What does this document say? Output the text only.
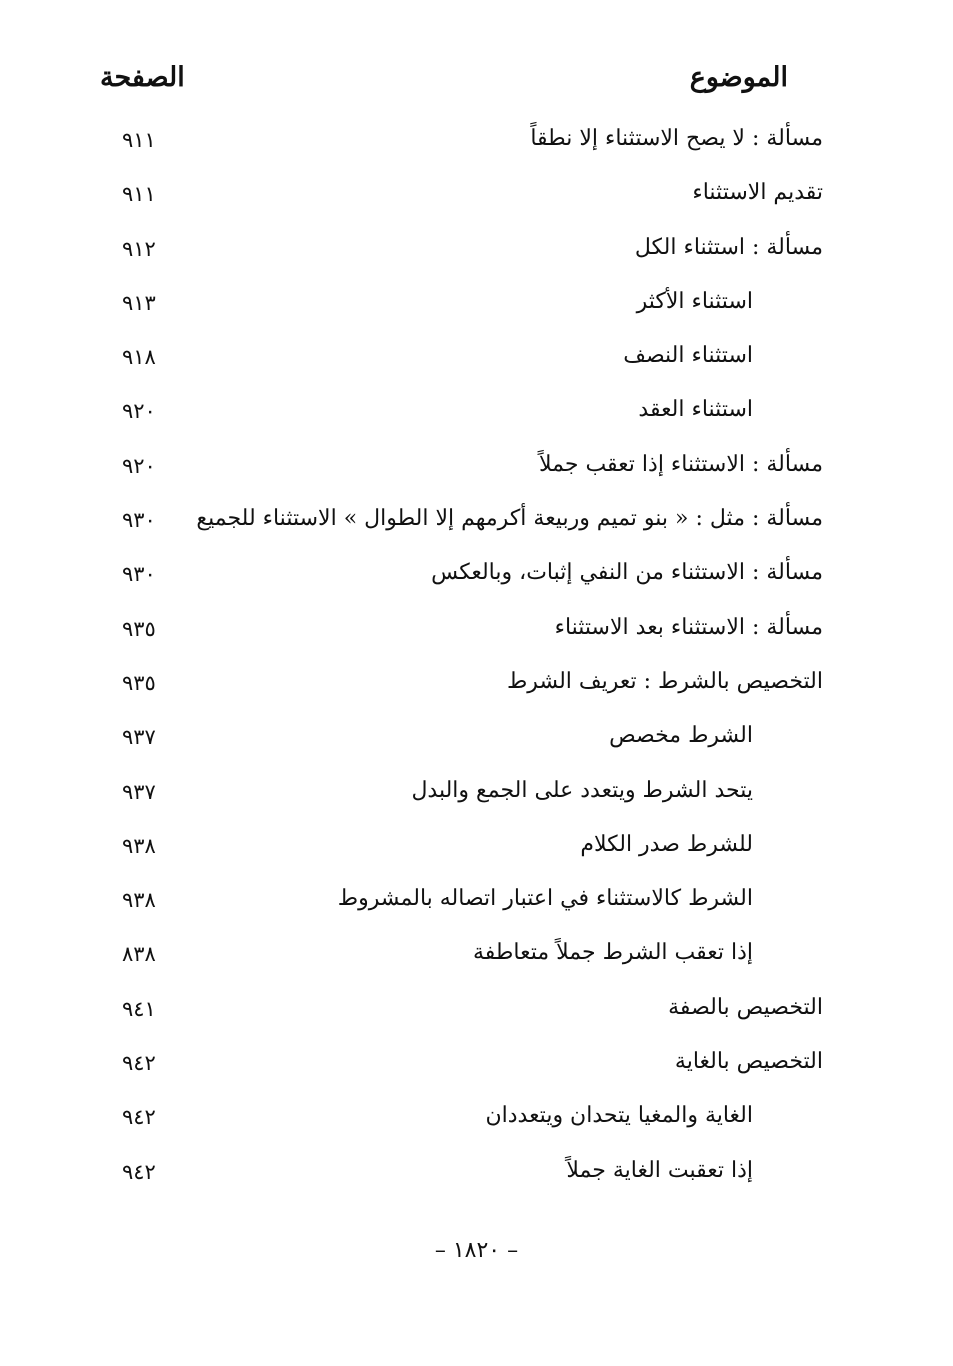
الموضوع
الصفحة
مسألة : لا يصح الاستثناء إلا نطقاً
٩١١
تقديم الاستثناء
٩١١
مسألة : استثناء الكل
٩١٢
استثناء الأكثر
٩١٣
استثناء النصف
٩١٨
استثناء العقد
٩٢٠
مسألة : الاستثناء إذا تعقب جملاً
٩٢٠
مسألة : مثل : « بنو تميم وربيعة أكرمهم إلا الطوال » الاستثناء للجميع
٩٣٠
مسألة : الاستثناء من النفي إثبات، وبالعكس
٩٣٠
مسألة : الاستثناء بعد الاستثناء
٩٣٥
التخصيص بالشرط : تعريف الشرط
٩٣٥
الشرط مخصص
٩٣٧
يتحد الشرط ويتعدد على الجمع والبدل
٩٣٧
للشرط صدر الكلام
٩٣٨
الشرط كالاستثناء في اعتبار اتصاله بالمشروط
٩٣٨
إذا تعقب الشرط جملاً متعاطفة
٨٣٨
التخصيص بالصفة
٩٤١
التخصيص بالغاية
٩٤٢
الغاية والمغيا يتحدان ويتعددان
٩٤٢
إذا تعقبت الغاية جملاً
٩٤٢
– ١٨٢٠ –
